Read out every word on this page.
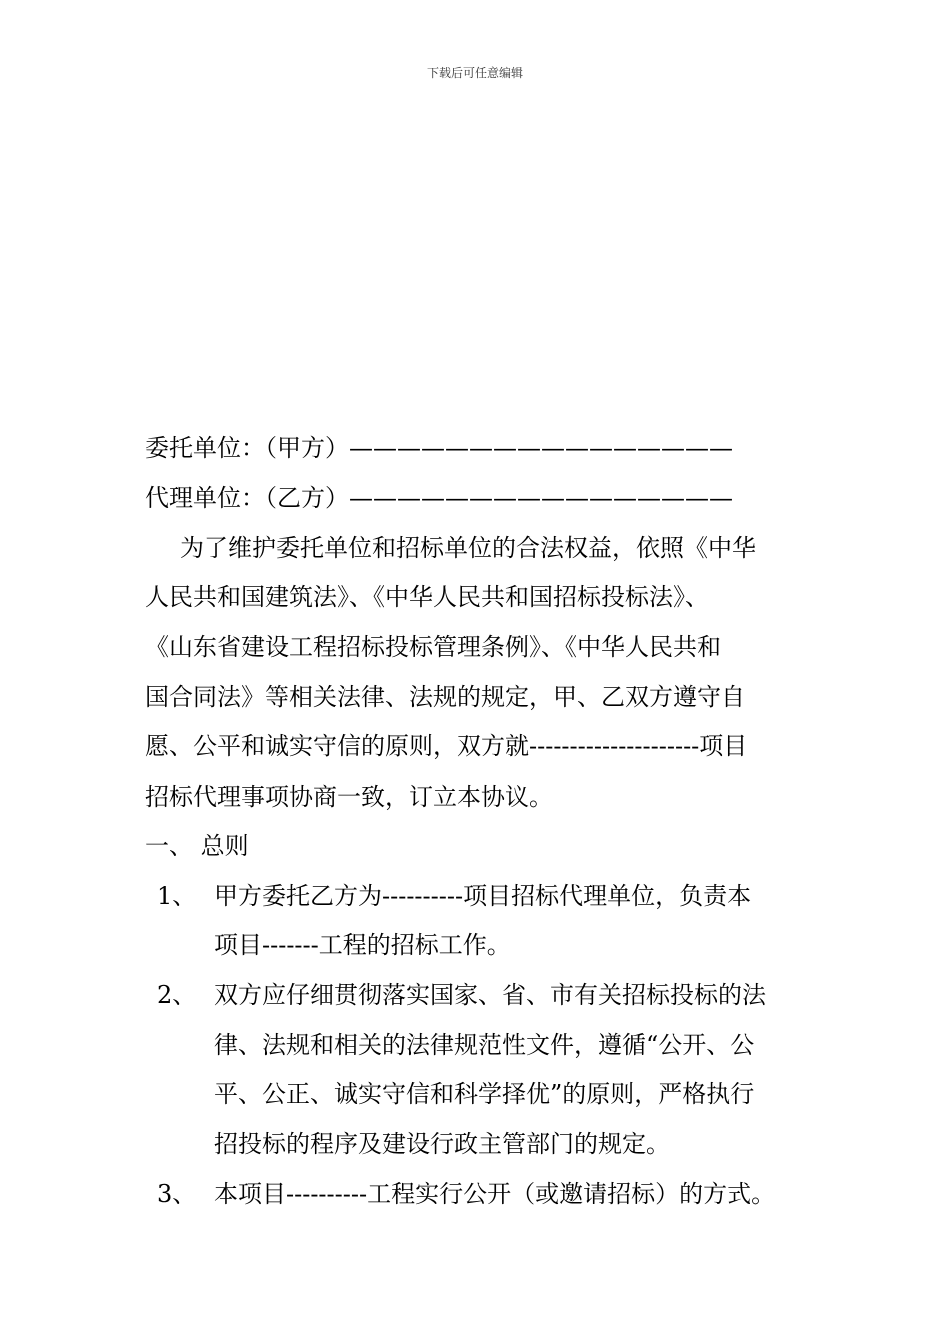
下载后可任意编辑
委托单位：（甲方）————————————————
代理单位：（乙方）————————————————
为了维护委托单位和招标单位的合法权益，依照《中华
人民共和国建筑法》、《中华人民共和国招标投标法》、
《山东省建设工程招标投标管理条例》、《中华人民共和
国合同法》等相关法律、法规的规定，甲、乙双方遵守自
愿、公平和诚实守信的原则，双方就---------------------项目
招标代理事项协商一致，订立本协议。
一、 总则
1、 甲方委托乙方为----------项目招标代理单位，负责本
项目-------工程的招标工作。
2、 双方应仔细贯彻落实国家、省、市有关招标投标的法
律、法规和相关的法律规范性文件，遵循“公开、公
平、公正、诚实守信和科学择优”的原则，严格执行
招投标的程序及建设行政主管部门的规定。
3、 本项目----------工程实行公开（或邀请招标）的方式。
